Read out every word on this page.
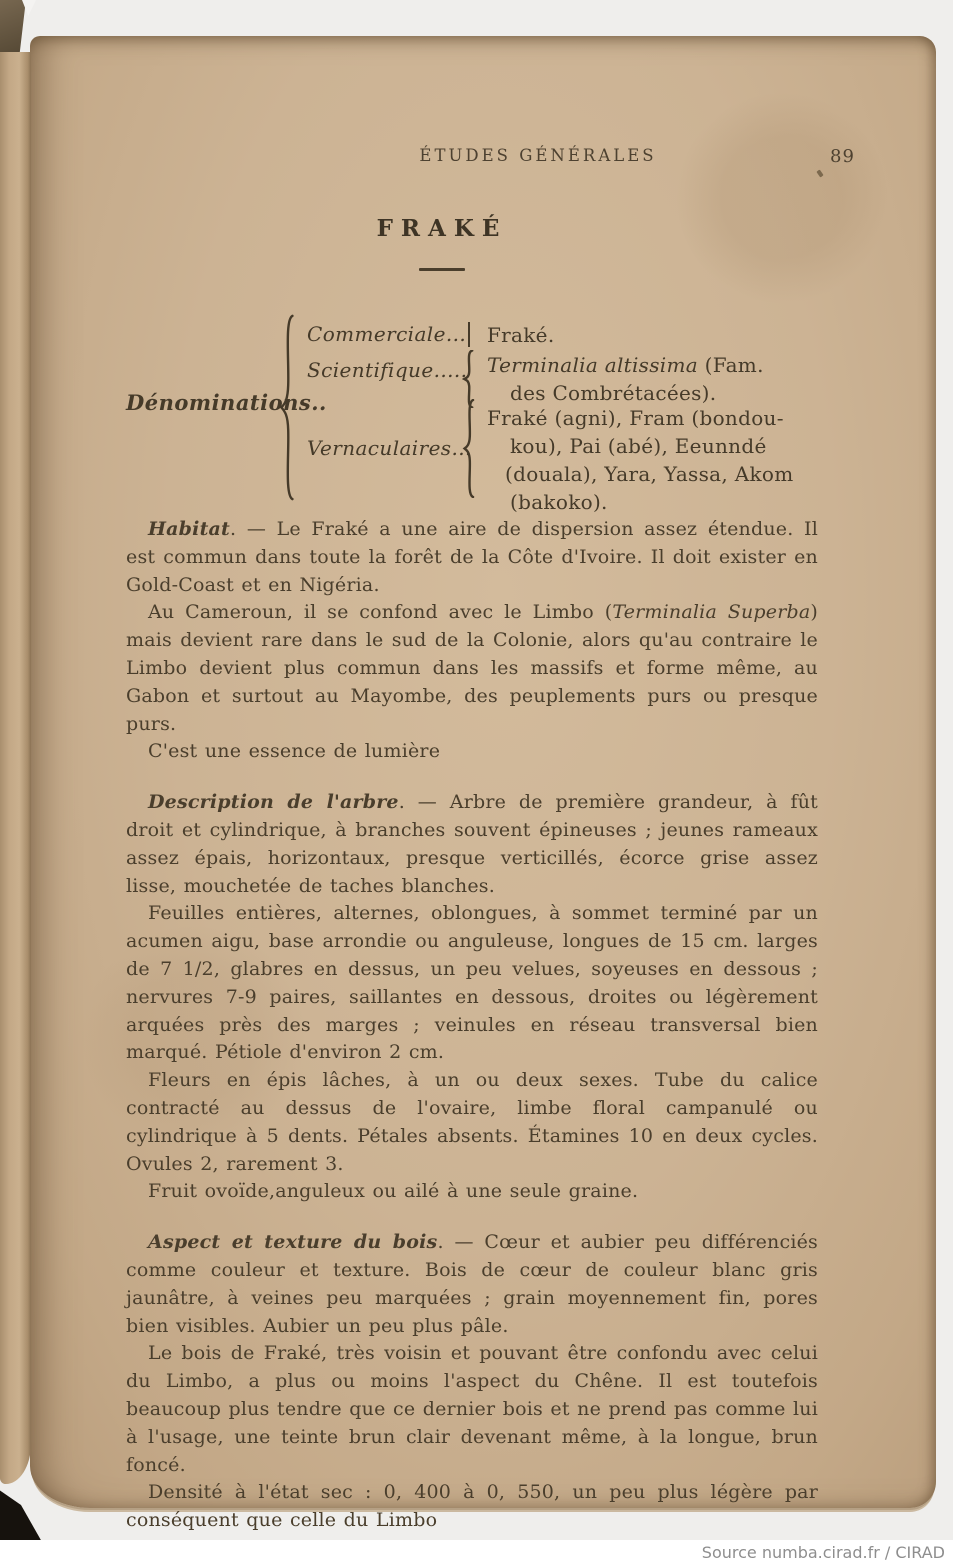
ÉTUDES GÉNÉRALES	89
FRAKÉ
Dénominations..
Commerciale... Fraké.
Scientifique..... Terminalia altissima (Fam.
des Combrétacées).
Vernaculaires...
Fraké (agni), Fram (bondou-
kou), Pai (abé), Eeunndé
(douala), Yara, Yassa, Akom
(bakoko).

Habitat. — Le Fraké a une aire de dispersion assez étendue. Il est commun dans toute la forêt de la Côte d'Ivoire. Il doit exister en Gold-Coast et en Nigéria.

Au Cameroun, il se confond avec le Limbo (Terminalia Superba) mais devient rare dans le sud de la Colonie, alors qu'au contraire le Limbo devient plus commun dans les massifs et forme même, au Gabon et surtout au Mayombe, des peuplements purs ou presque purs.

C'est une essence de lumière

Description de l'arbre. — Arbre de première grandeur, à fût droit et cylindrique, à branches souvent épineuses ; jeunes rameaux assez épais, horizontaux, presque verticillés, écorce grise assez lisse, mouchetée de taches blanches.

Feuilles entières, alternes, oblongues, à sommet terminé par un acumen aigu, base arrondie ou anguleuse, longues de 15 cm. larges de 7 1/2, glabres en dessus, un peu velues, soyeuses en dessous ; nervures 7-9 paires, saillantes en dessous, droites ou légèrement arquées près des marges ; veinules en réseau transversal bien marqué. Pétiole d'environ 2 cm.

Fleurs en épis lâches, à un ou deux sexes. Tube du calice contracté au dessus de l'ovaire, limbe floral campanulé ou cylindrique à 5 dents. Pétales absents. Étamines 10 en deux cycles. Ovules 2, rarement 3.

Fruit ovoïde,anguleux ou ailé à une seule graine.

Aspect et texture du bois. — Cœur et aubier peu différenciés comme couleur et texture. Bois de cœur de couleur blanc gris jaunâtre, à veines peu marquées ; grain moyennement fin, pores bien visibles. Aubier un peu plus pâle.

Le bois de Fraké, très voisin et pouvant être confondu avec celui du Limbo, a plus ou moins l'aspect du Chêne. Il est toutefois beaucoup plus tendre que ce dernier bois et ne prend pas comme lui à l'usage, une teinte brun clair devenant même, à la longue, brun foncé.

Densité à l'état sec : 0, 400 à 0, 550, un peu plus légère par conséquent que celle du Limbo

Source numba.cirad.fr / CIRAD
